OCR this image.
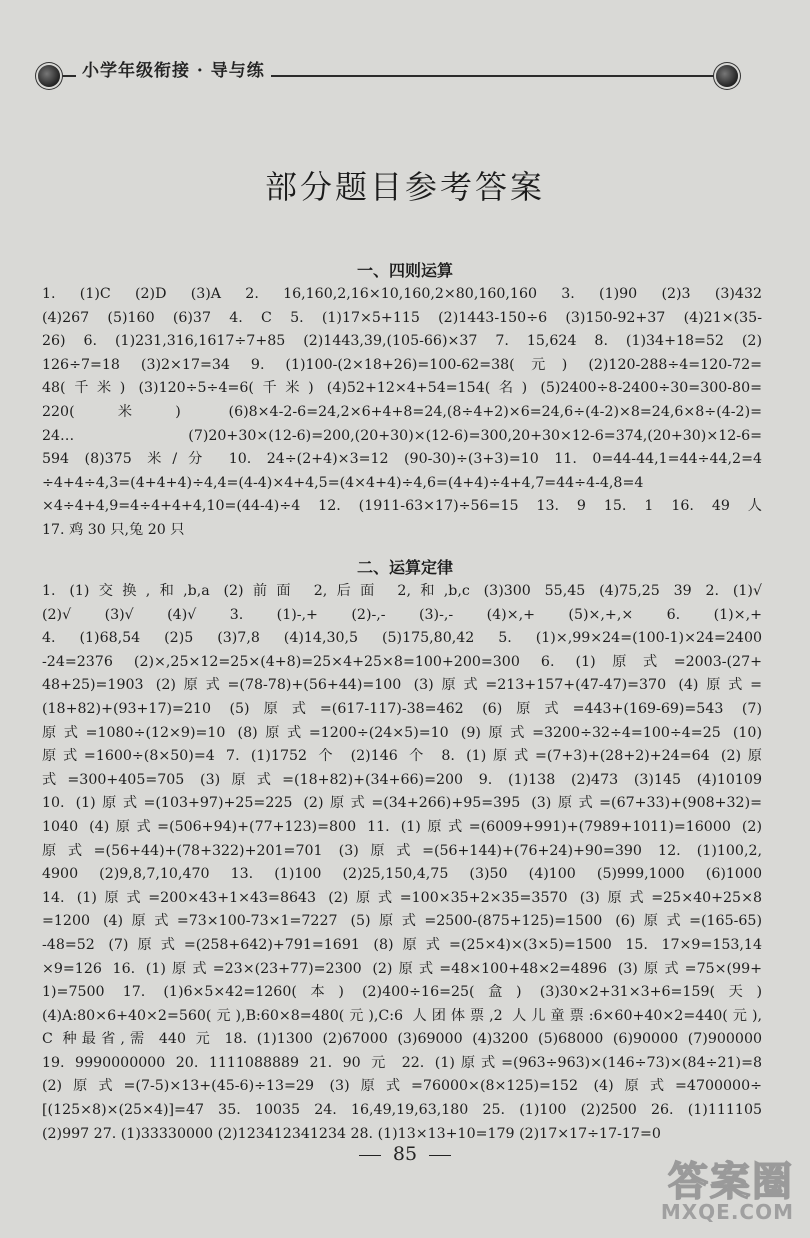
小学年级衔接 · 导与练
部分题目参考答案
一、四则运算
1. (1)C (2)D (3)A 2. 16,160,2,16×10,160,2×80,160,160 3. (1)90 (2)3 (3)432
(4)267 (5)160 (6)37 4. C 5. (1)17×5+115 (2)1443-150÷6 (3)150-92+37 (4)21×(35-
26) 6. (1)231,316,1617÷7+85 (2)1443,39,(105-66)×37 7. 15,624 8. (1)34+18=52 (2)
126÷7=18 (3)2×17=34 9. (1)100-(2×18+26)=100-62=38(元) (2)120-288÷4=120-72=
48(千米) (3)120÷5÷4=6(千米) (4)52+12×4+54=154(名) (5)2400÷8-2400÷30=300-80=
220(米) (6)8×4-2-6=24,2×6+4+8=24,(8÷4+2)×6=24,6÷(4-2)×8=24,6×8÷(4-2)=
24… (7)20+30×(12-6)=200,(20+30)×(12-6)=300,20+30×12-6=374,(20+30)×12-6=
594 (8)375 米/分 10. 24÷(2+4)×3=12 (90-30)÷(3+3)=10 11. 0=44-44,1=44÷44,2=4
÷4+4÷4,3=(4+4+4)÷4,4=(4-4)×4+4,5=(4×4+4)÷4,6=(4+4)÷4+4,7=44÷4-4,8=4
×4÷4+4,9=4÷4+4+4,10=(44-4)÷4 12. (1911-63×17)÷56=15 13. 9 15. 1 16. 49 人
17. 鸡 30 只,兔 20 只
二、运算定律
1. (1)交换,和,b,a (2)前面 2,后面 2,和,b,c (3)300 55,45 (4)75,25 39 2. (1)√
(2)√ (3)√ (4)√ 3. (1)-,+ (2)-,- (3)-,- (4)×,+ (5)×,+,× 6. (1)×,+
4. (1)68,54 (2)5 (3)7,8 (4)14,30,5 (5)175,80,42 5. (1)×,99×24=(100-1)×24=2400
-24=2376 (2)×,25×12=25×(4+8)=25×4+25×8=100+200=300 6. (1)原式=2003-(27+
48+25)=1903 (2)原式=(78-78)+(56+44)=100 (3)原式=213+157+(47-47)=370 (4)原式=
(18+82)+(93+17)=210 (5)原式=(617-117)-38=462 (6)原式=443+(169-69)=543 (7)
原式=1080÷(12×9)=10 (8)原式=1200÷(24×5)=10 (9)原式=3200÷32÷4=100÷4=25 (10)
原式=1600÷(8×50)=4 7. (1)1752 个 (2)146 个 8. (1)原式=(7+3)+(28+2)+24=64 (2)原
式=300+405=705 (3)原式=(18+82)+(34+66)=200 9. (1)138 (2)473 (3)145 (4)10109
10. (1)原式=(103+97)+25=225 (2)原式=(34+266)+95=395 (3)原式=(67+33)+(908+32)=
1040 (4)原式=(506+94)+(77+123)=800 11. (1)原式=(6009+991)+(7989+1011)=16000 (2)
原式=(56+44)+(78+322)+201=701 (3)原式=(56+144)+(76+24)+90=390 12. (1)100,2,
4900 (2)9,8,7,10,470 13. (1)100 (2)25,150,4,75 (3)50 (4)100 (5)999,1000 (6)1000
14. (1)原式=200×43+1×43=8643 (2)原式=100×35+2×35=3570 (3)原式=25×40+25×8
=1200 (4)原式=73×100-73×1=7227 (5)原式=2500-(875+125)=1500 (6)原式=(165-65)
-48=52 (7)原式=(258+642)+791=1691 (8)原式=(25×4)×(3×5)=1500 15. 17×9=153,14
×9=126 16. (1)原式=23×(23+77)=2300 (2)原式=48×100+48×2=4896 (3)原式=75×(99+
1)=7500 17. (1)6×5×42=1260(本) (2)400÷16=25(盒) (3)30×2+31×3+6=159(天)
(4)A:80×6+40×2=560(元),B:60×8=480(元),C:6 人团体票,2 人儿童票:6×60+40×2=440(元),
C 种最省,需 440 元 18. (1)1300 (2)67000 (3)69000 (4)3200 (5)68000 (6)90000 (7)900000
19. 9990000000 20. 1111088889 21. 90 元 22. (1)原式=(963÷963)×(146÷73)×(84÷21)=8
(2)原式=(7-5)×13+(45-6)÷13=29 (3)原式=76000×(8×125)=152 (4)原式=4700000÷
[(125×8)×(25×4)]=47 35. 10035 24. 16,49,19,63,180 25. (1)100 (2)2500 26. (1)111105
(2)997 27. (1)33330000 (2)123412341234 28. (1)13×13+10=179 (2)17×17÷17-17=0
85
答案圈
MXQE.COM
